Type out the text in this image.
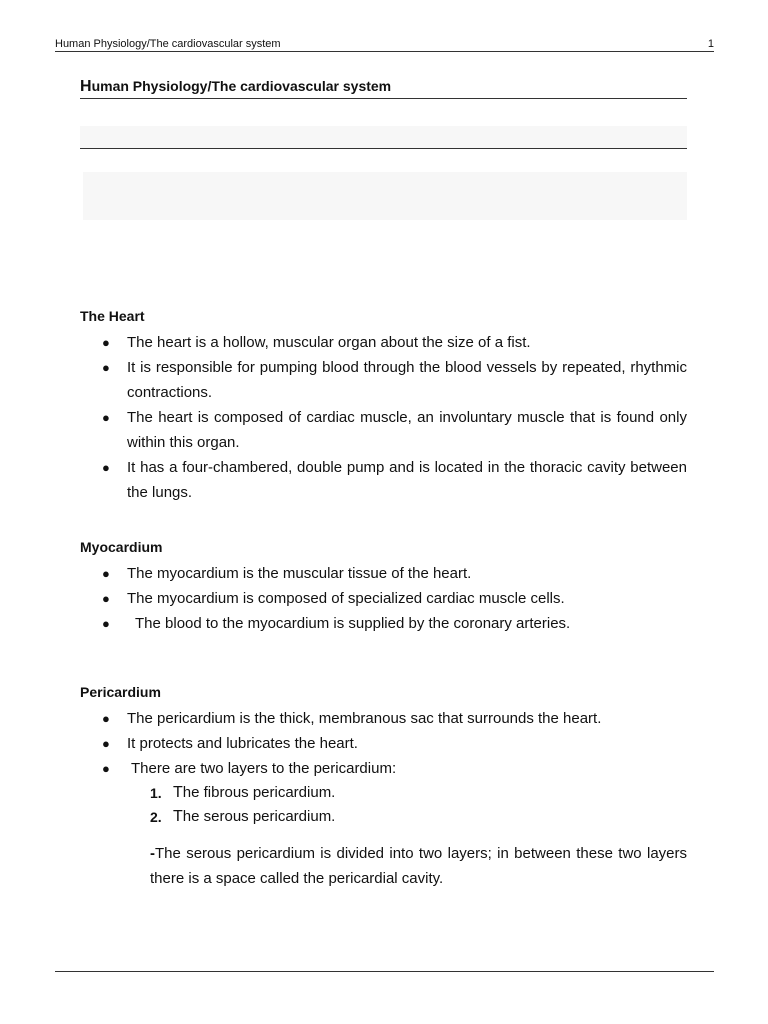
Human Physiology/The cardiovascular system	1
Human Physiology/The cardiovascular system
The Heart
● The heart is a hollow, muscular organ about the size of a fist.
● It is responsible for pumping blood through the blood vessels by repeated, rhythmic contractions.
● The heart is composed of cardiac muscle, an involuntary muscle that is found only within this organ.
● It has a four-chambered, double pump and is located in the thoracic cavity between the lungs.
Myocardium
● The myocardium is the muscular tissue of the heart.
● The myocardium is composed of specialized cardiac muscle cells.
● The blood to the myocardium is supplied by the coronary arteries.
Pericardium
● The pericardium is the thick, membranous sac that surrounds the heart.
● It protects and lubricates the heart.
● There are two layers to the pericardium:
1. The fibrous pericardium.
2. The serous pericardium.

-The serous pericardium is divided into two layers; in between these two layers there is a space called the pericardial cavity.
